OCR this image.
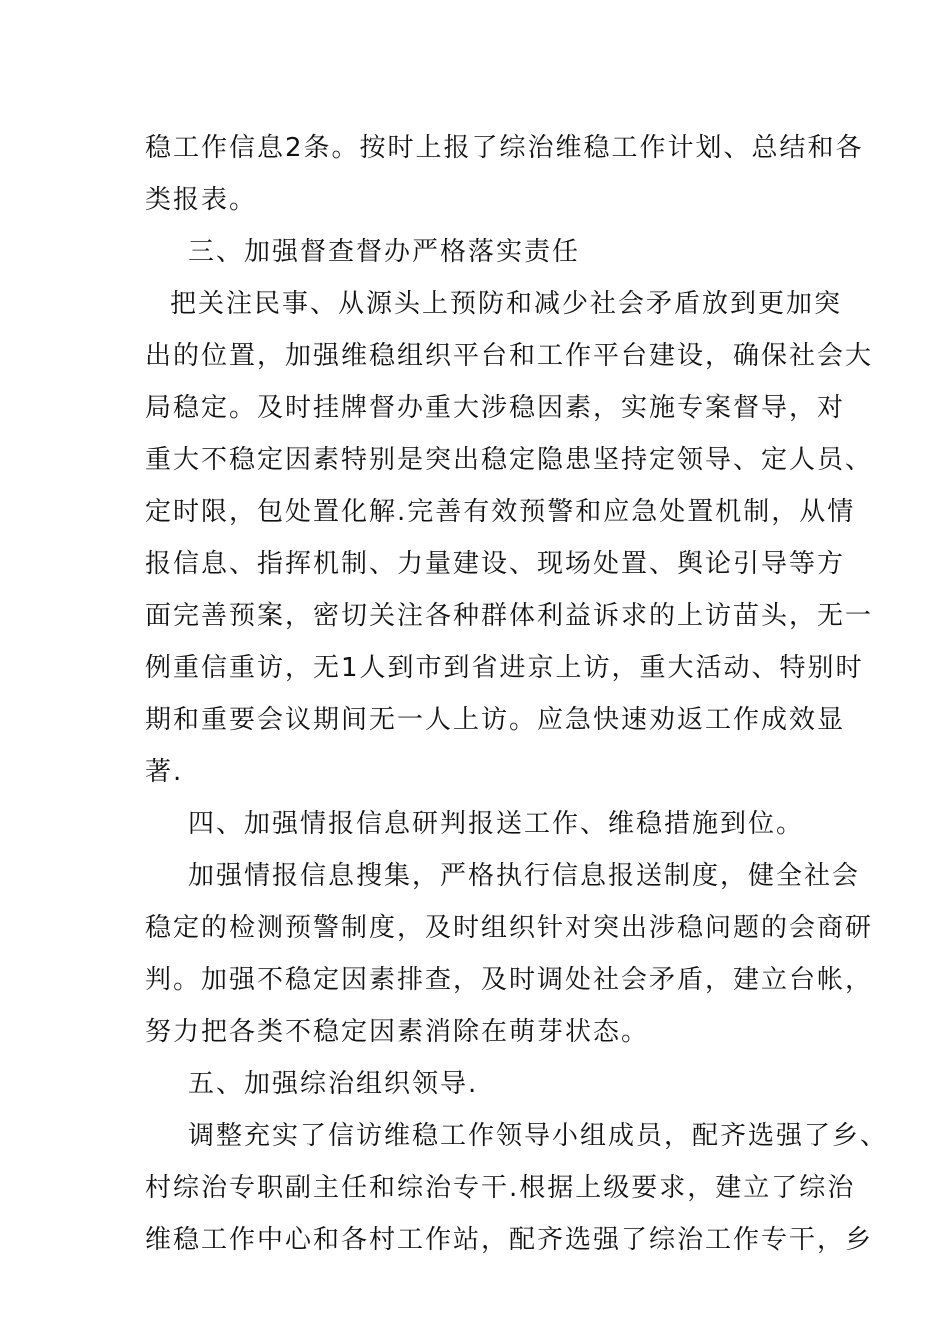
稳工作信息2条。按时上报了综治维稳工作计划、总结和各
类报表。
三、加强督查督办严格落实责任
把关注民事、从源头上预防和减少社会矛盾放到更加突
出的位置，加强维稳组织平台和工作平台建设，确保社会大
局稳定。及时挂牌督办重大涉稳因素，实施专案督导，对
重大不稳定因素特别是突出稳定隐患坚持定领导、定人员、
定时限，包处置化解.完善有效预警和应急处置机制，从情
报信息、指挥机制、力量建设、现场处置、舆论引导等方
面完善预案，密切关注各种群体利益诉求的上访苗头，无一
例重信重访，无1人到市到省进京上访，重大活动、特别时
期和重要会议期间无一人上访。应急快速劝返工作成效显
著.
四、加强情报信息研判报送工作、维稳措施到位。
加强情报信息搜集，严格执行信息报送制度，健全社会
稳定的检测预警制度，及时组织针对突出涉稳问题的会商研
判。加强不稳定因素排查，及时调处社会矛盾，建立台帐，
努力把各类不稳定因素消除在萌芽状态。
五、加强综治组织领导.
调整充实了信访维稳工作领导小组成员，配齐选强了乡、
村综治专职副主任和综治专干.根据上级要求，建立了综治
维稳工作中心和各村工作站，配齐选强了综治工作专干，乡
